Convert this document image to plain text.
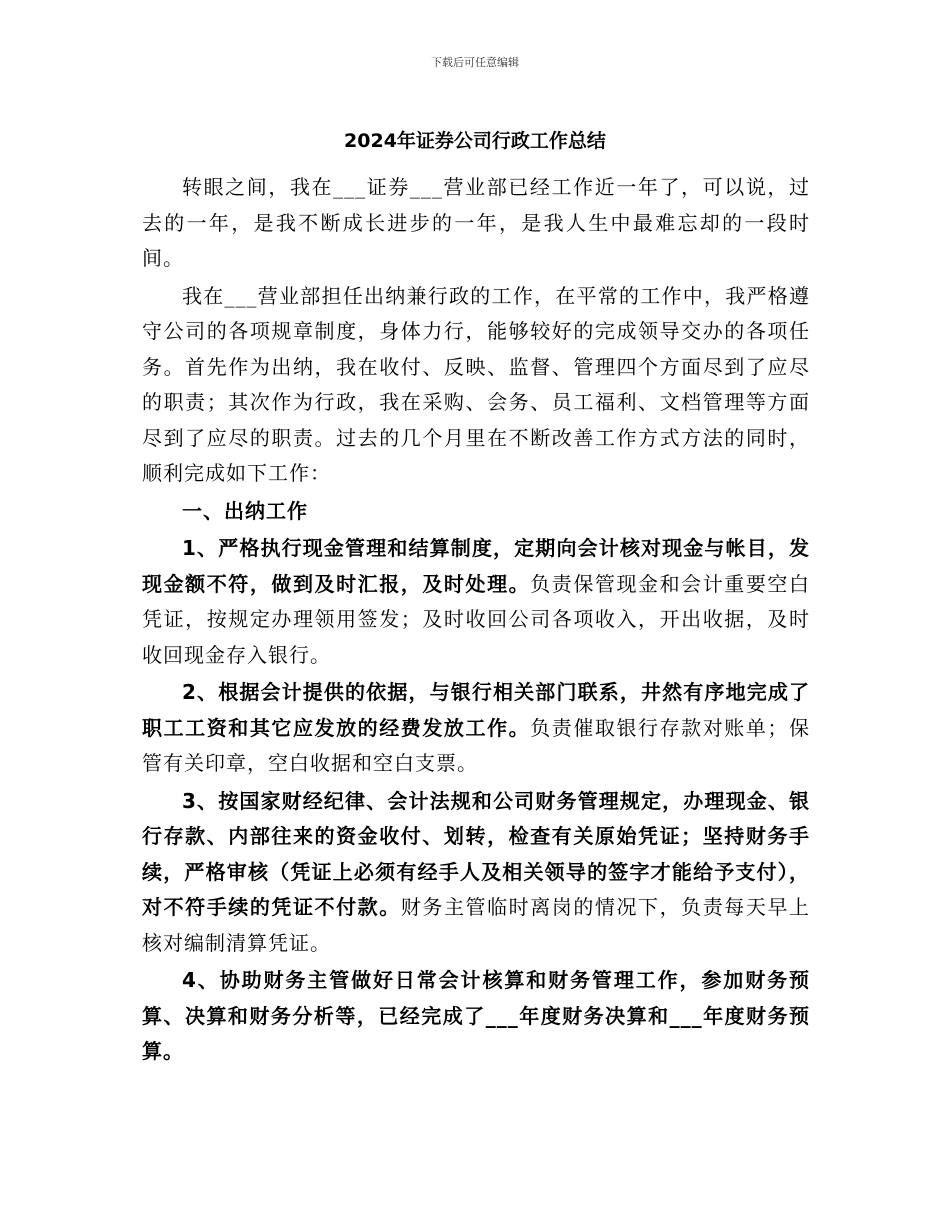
下载后可任意编辑
2024年证券公司行政工作总结

转眼之间，我在___证券___营业部已经工作近一年了，可以说，过去的一年，是我不断成长进步的一年，是我人生中最难忘却的一段时间。

我在___营业部担任出纳兼行政的工作，在平常的工作中，我严格遵守公司的各项规章制度，身体力行，能够较好的完成领导交办的各项任务。首先作为出纳，我在收付、反映、监督、管理四个方面尽到了应尽的职责；其次作为行政，我在采购、会务、员工福利、文档管理等方面尽到了应尽的职责。过去的几个月里在不断改善工作方式方法的同时，顺利完成如下工作：

一、出纳工作

1、严格执行现金管理和结算制度，定期向会计核对现金与帐目，发现金额不符，做到及时汇报，及时处理。负责保管现金和会计重要空白凭证，按规定办理领用签发；及时收回公司各项收入，开出收据，及时收回现金存入银行。

2、根据会计提供的依据，与银行相关部门联系，井然有序地完成了职工工资和其它应发放的经费发放工作。负责催取银行存款对账单；保管有关印章，空白收据和空白支票。

3、按国家财经纪律、会计法规和公司财务管理规定，办理现金、银行存款、内部往来的资金收付、划转，检查有关原始凭证；坚持财务手续，严格审核（凭证上必须有经手人及相关领导的签字才能给予支付），对不符手续的凭证不付款。财务主管临时离岗的情况下，负责每天早上核对编制清算凭证。

4、协助财务主管做好日常会计核算和财务管理工作，参加财务预算、决算和财务分析等，已经完成了___年度财务决算和___年度财务预算。
